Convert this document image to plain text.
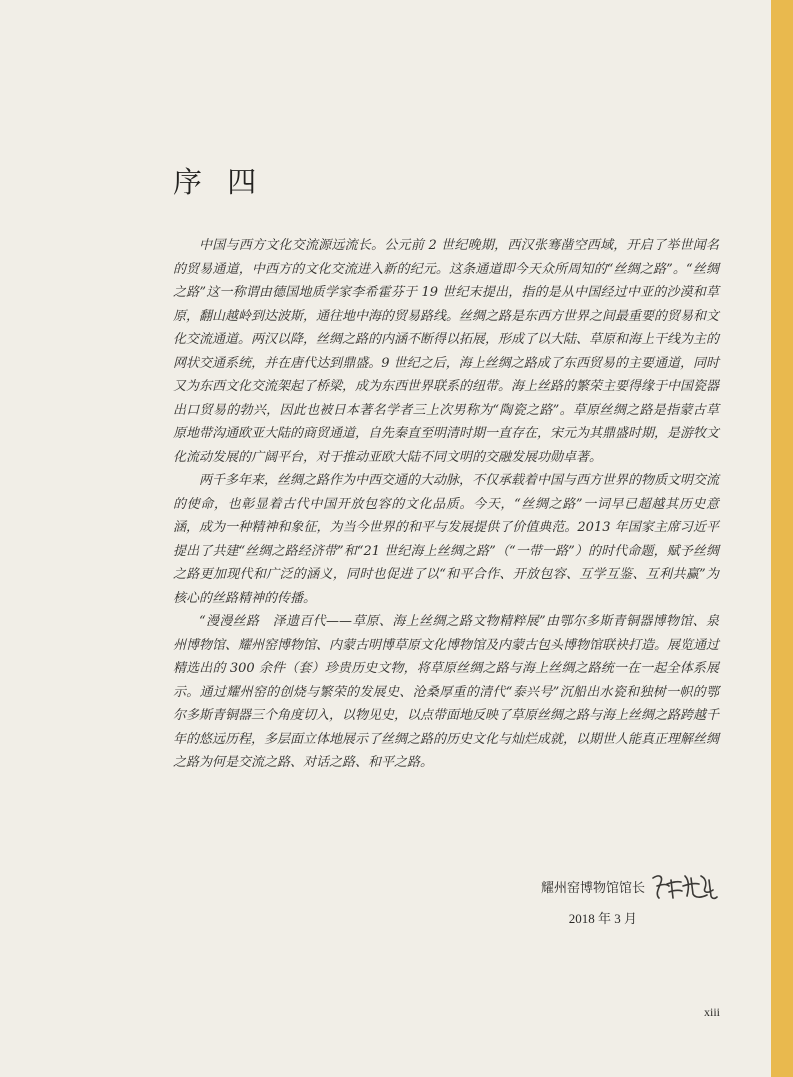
序 四

中国与西方文化交流源远流长。公元前 2 世纪晚期，西汉张骞凿空西域，开启了举世闻名的贸易通道，中西方的文化交流进入新的纪元。这条通道即今天众所周知的“丝绸之路”。“丝绸之路”这一称谓由德国地质学家李希霍芬于 19 世纪末提出，指的是从中国经过中亚的沙漠和草原，翻山越岭到达波斯，通往地中海的贸易路线。丝绸之路是东西方世界之间最重要的贸易和文化交流通道。两汉以降，丝绸之路的内涵不断得以拓展，形成了以大陆、草原和海上干线为主的网状交通系统，并在唐代达到鼎盛。9 世纪之后，海上丝绸之路成了东西贸易的主要通道，同时又为东西文化交流架起了桥梁，成为东西世界联系的纽带。海上丝路的繁荣主要得缘于中国瓷器出口贸易的勃兴，因此也被日本著名学者三上次男称为“陶瓷之路”。草原丝绸之路是指蒙古草原地带沟通欧亚大陆的商贸通道，自先秦直至明清时期一直存在，宋元为其鼎盛时期，是游牧文化流动发展的广阔平台，对于推动亚欧大陆不同文明的交融发展功勋卓著。

两千多年来，丝绸之路作为中西交通的大动脉，不仅承载着中国与西方世界的物质文明交流的使命，也彰显着古代中国开放包容的文化品质。今天，“丝绸之路”一词早已超越其历史意涵，成为一种精神和象征，为当今世界的和平与发展提供了价值典范。2013 年国家主席习近平提出了共建“丝绸之路经济带”和“21 世纪海上丝绸之路”（“一带一路”）的时代命题，赋予丝绸之路更加现代和广泛的涵义，同时也促进了以“和平合作、开放包容、互学互鉴、互利共赢”为核心的丝路精神的传播。

“漫漫丝路　泽遗百代——草原、海上丝绸之路文物精粹展”由鄂尔多斯青铜器博物馆、泉州博物馆、耀州窑博物馆、内蒙古明博草原文化博物馆及内蒙古包头博物馆联袂打造。展览通过精选出的 300 余件（套）珍贵历史文物，将草原丝绸之路与海上丝绸之路统一在一起全体系展示。通过耀州窑的创烧与繁荣的发展史、沧桑厚重的清代“泰兴号”沉船出水瓷和独树一帜的鄂尔多斯青铜器三个角度切入，以物见史，以点带面地反映了草原丝绸之路与海上丝绸之路跨越千年的悠远历程，多层面立体地展示了丝绸之路的历史文化与灿烂成就，以期世人能真正理解丝绸之路为何是交流之路、对话之路、和平之路。

耀州窑博物馆馆长
2018 年 3 月
xiii
